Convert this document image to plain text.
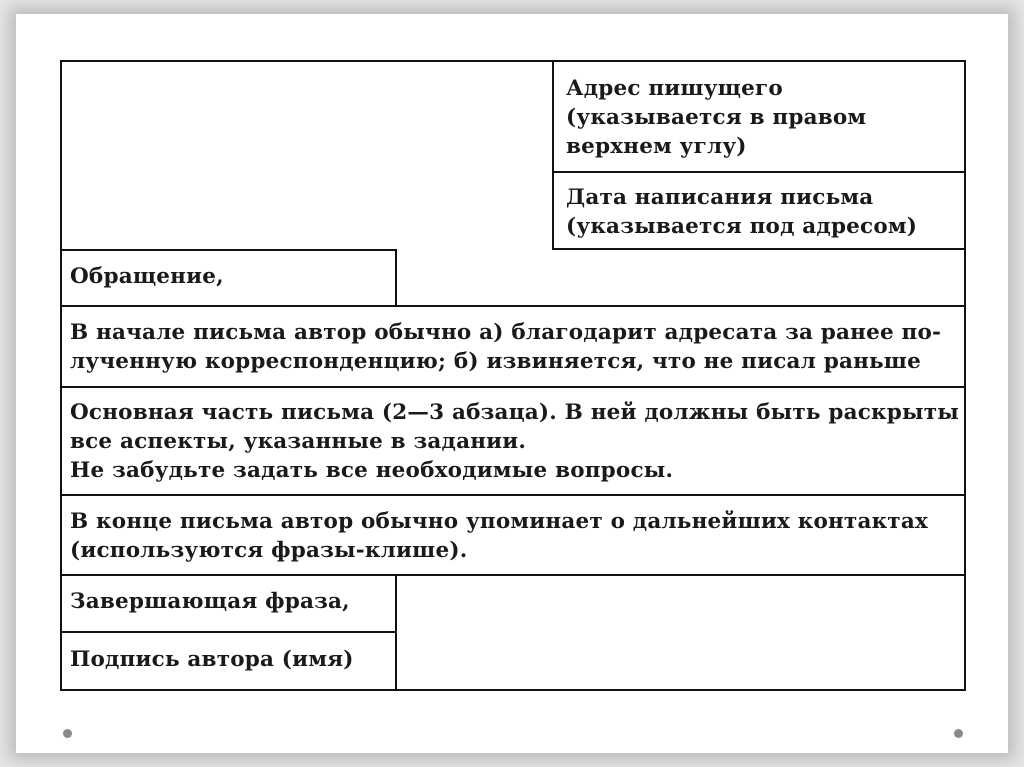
Адрес пишущего
(указывается в правом
верхнем углу)
Дата написания письма
(указывается под адресом)
Обращение,
В начале письма автор обычно а) благодарит адресата за ранее по-
лученную корреспонденцию; б) извиняется, что не писал раньше
Основная часть письма (2—3 абзаца). В ней должны быть раскрыты
все аспекты, указанные в задании.
Не забудьте задать все необходимые вопросы.
В конце письма автор обычно упоминает о дальнейших контактах
(используются фразы-клише).
Завершающая фраза,
Подпись автора (имя)
